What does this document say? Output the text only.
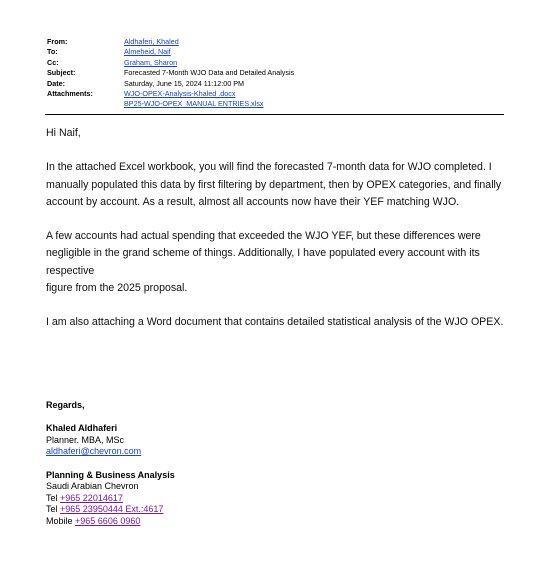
From:	Aldhaferi, Khaled
To:	Almeheid, Naif
Cc:	Graham, Sharon
Subject:	Forecasted 7-Month WJO Data and Detailed Analysis
Date:	Saturday, June 15, 2024 11:12:00 PM
Attachments:	WJO-OPEX-Analysis-Khaled .docx
BP25-WJO-OPEX_MANUAL ENTRIES.xlsx

Hi Naif,

In the attached Excel workbook, you will find the forecasted 7-month data for WJO completed. I manually populated this data by first filtering by department, then by OPEX categories, and finally

account by account. As a result, almost all accounts now have their YEF matching WJO.

A few accounts had actual spending that exceeded the WJO YEF, but these differences were negligible in the grand scheme of things. Additionally, I have populated every account with its respective

figure from the 2025 proposal.

I am also attaching a Word document that contains detailed statistical analysis of the WJO OPEX.

Regards,
Khaled Aldhaferi
Planner. MBA, MSc
aldhaferi@chevron.com
Planning & Business Analysis
Saudi Arabian Chevron
Tel +965 22014617
Tel +965 23950444 Ext.:4617
Mobile +965 6606 0960
